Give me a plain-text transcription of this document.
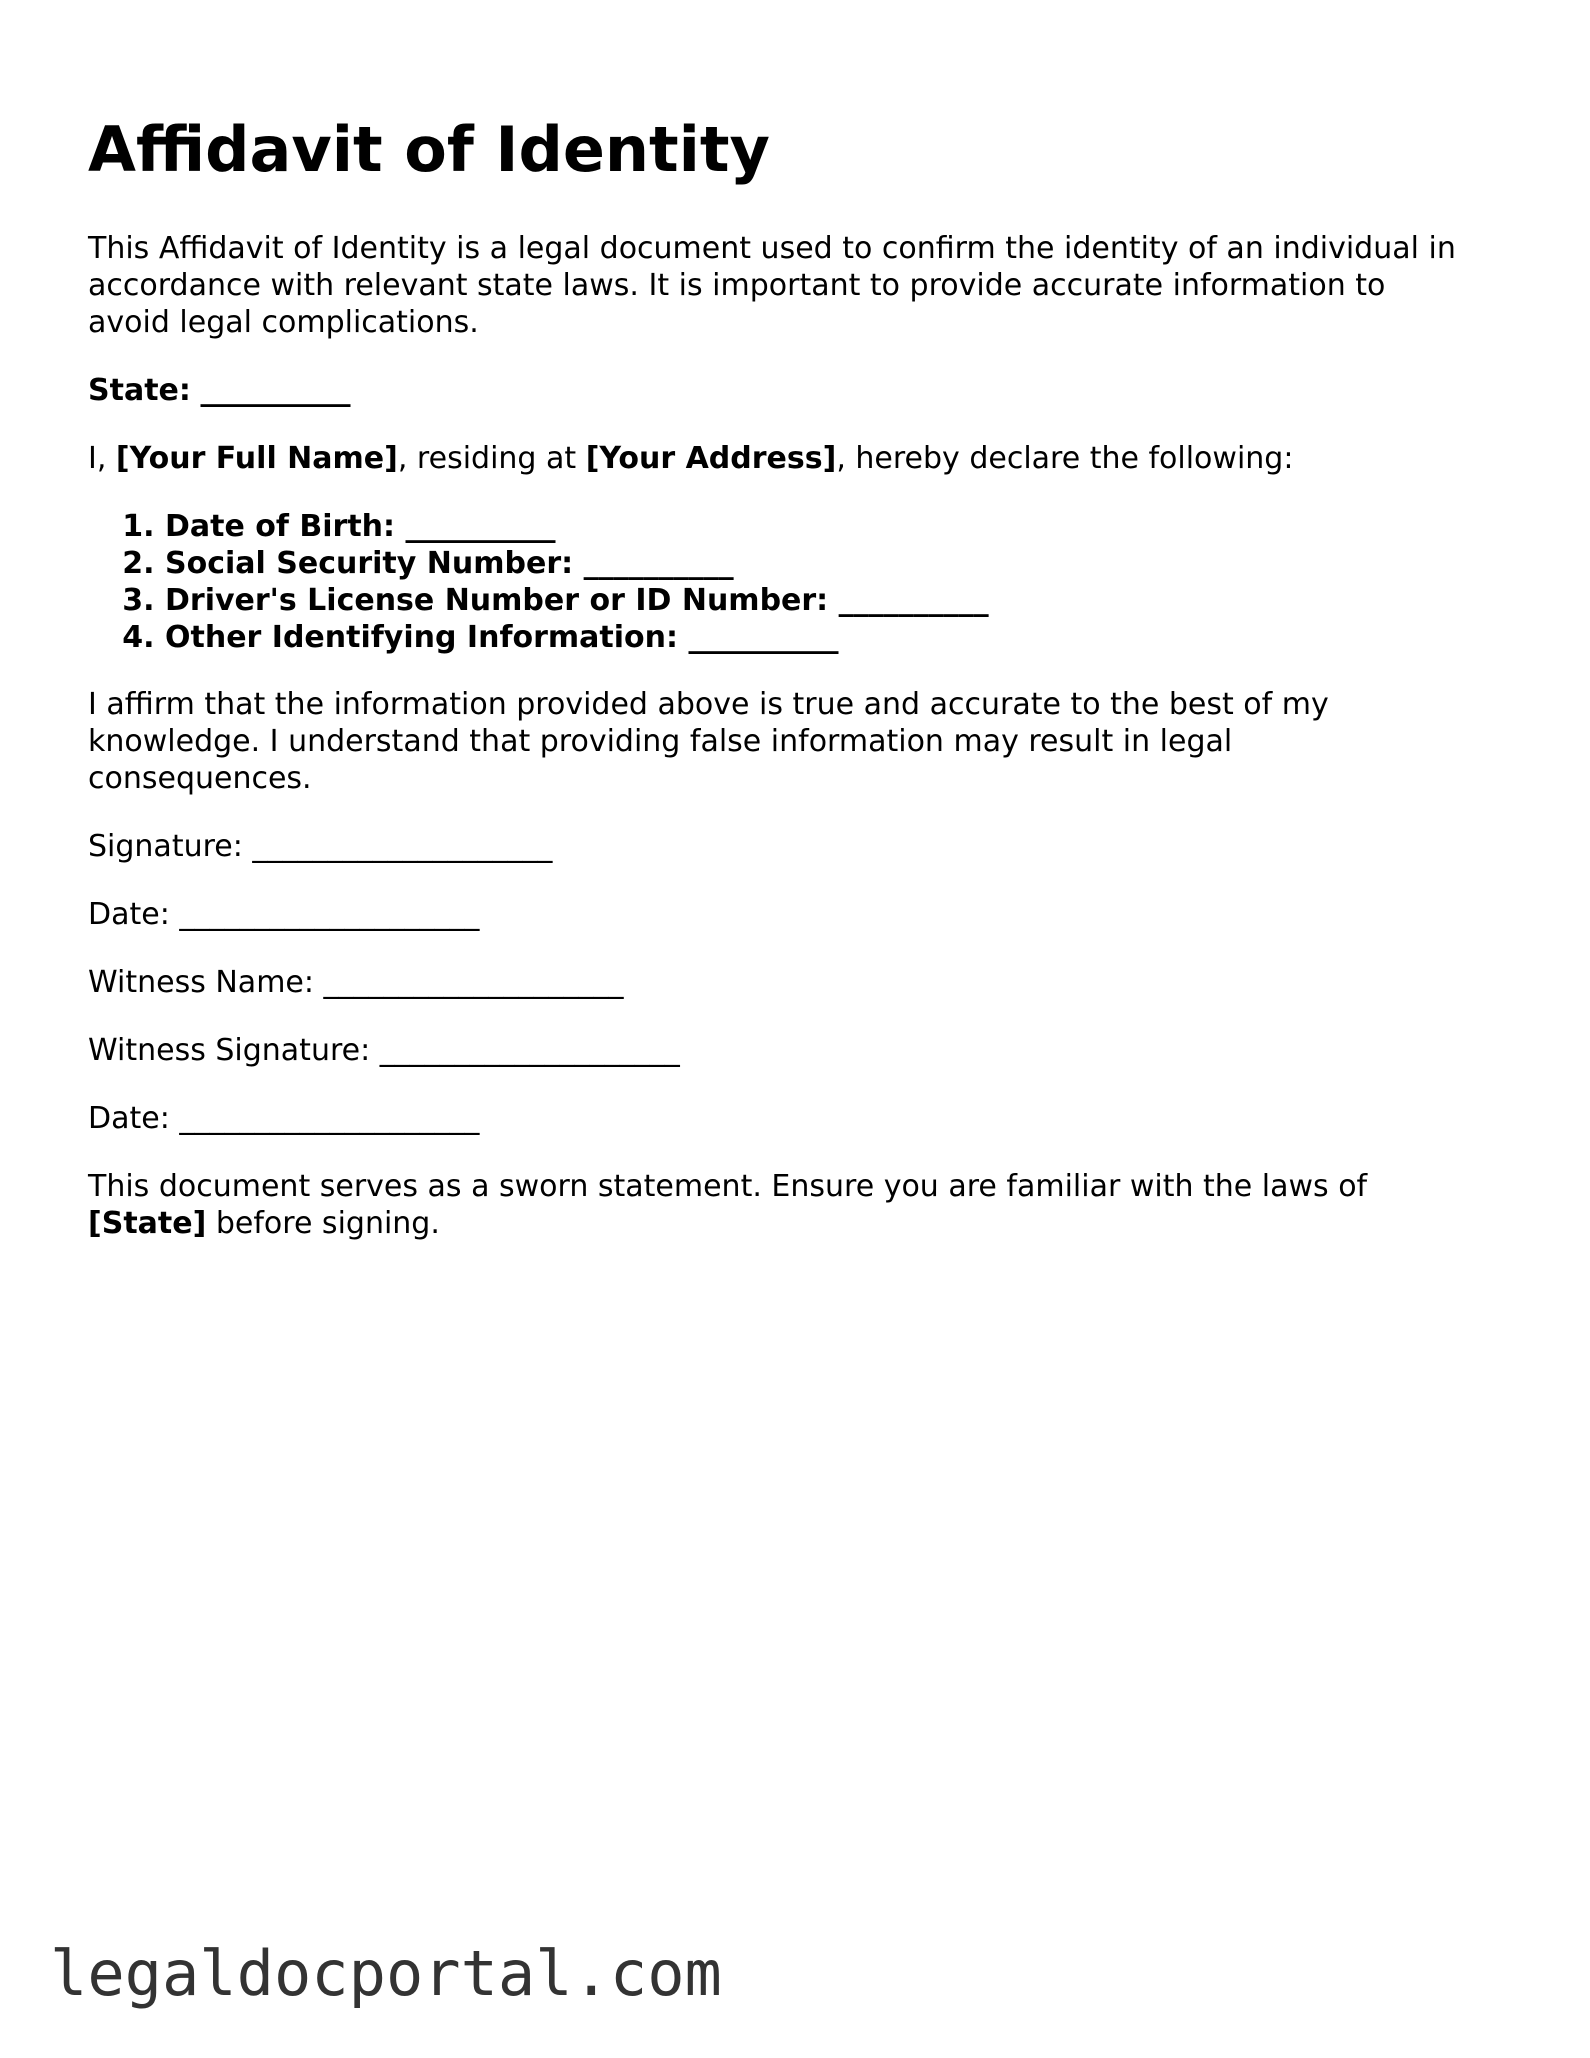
Affidavit of Identity
This Affidavit of Identity is a legal document used to confirm the identity of an individual in
accordance with relevant state laws. It is important to provide accurate information to
avoid legal complications.
State: __________
I, [Your Full Name], residing at [Your Address], hereby declare the following:
1. Date of Birth: __________
2. Social Security Number: __________
3. Driver's License Number or ID Number: __________
4. Other Identifying Information: __________
I affirm that the information provided above is true and accurate to the best of my
knowledge. I understand that providing false information may result in legal
consequences.
Signature: ____________________
Date: ____________________
Witness Name: ____________________
Witness Signature: ____________________
Date: ____________________
This document serves as a sworn statement. Ensure you are familiar with the laws of
[State] before signing.
legaldocportal.com
